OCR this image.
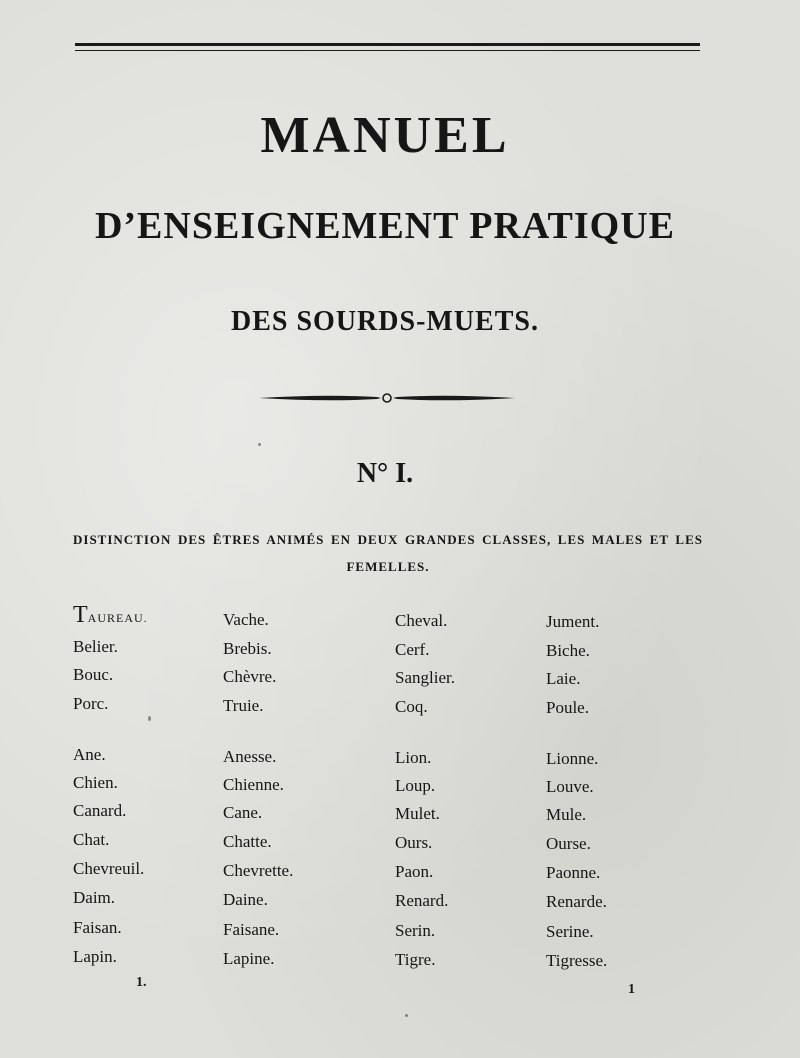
MANUEL
D’ENSEIGNEMENT PRATIQUE
DES SOURDS-MUETS.
N° I.
DISTINCTION DES ÊTRES ANIMÉS EN DEUX GRANDES CLASSES, LES MALES ET LES FEMELLES.
TAUREAU.
Belier.
Bouc.
Porc.
Ane.
Chien.
Canard.
Chat.
Chevreuil.
Daim.
Faisan.
Lapin.
Vache.
Brebis.
Chèvre.
Truie.
Anesse.
Chienne.
Cane.
Chatte.
Chevrette.
Daine.
Faisane.
Lapine.
Cheval.
Cerf.
Sanglier.
Coq.
Lion.
Loup.
Mulet.
Ours.
Paon.
Renard.
Serin.
Tigre.
Jument.
Biche.
Laie.
Poule.
Lionne.
Louve.
Mule.
Ourse.
Paonne.
Renarde.
Serine.
Tigresse.
1.	1
